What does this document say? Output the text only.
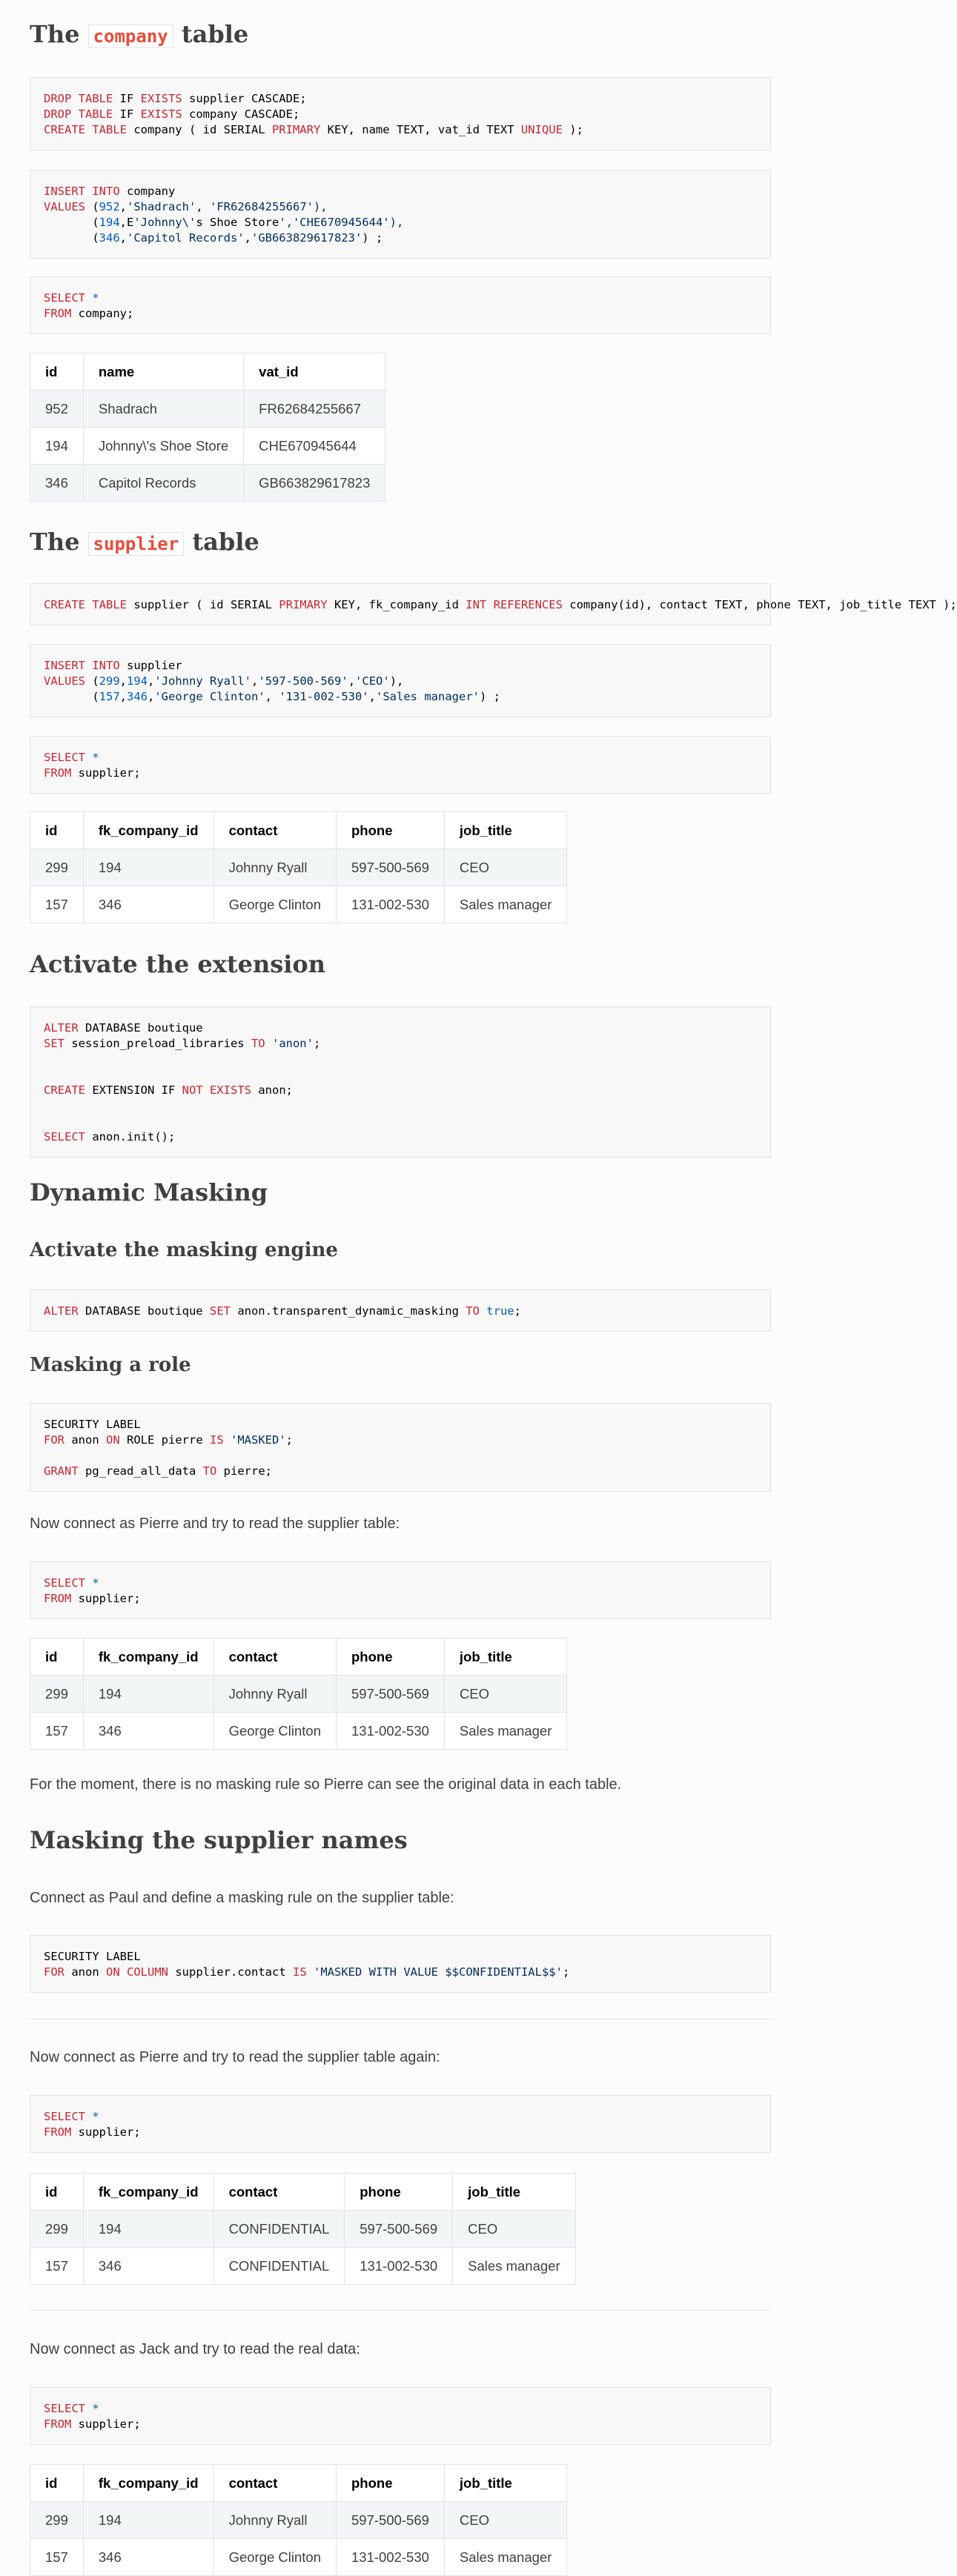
The company table
DROP TABLE IF EXISTS supplier CASCADE;
DROP TABLE IF EXISTS company CASCADE;
CREATE TABLE company ( id SERIAL PRIMARY KEY, name TEXT, vat_id TEXT UNIQUE );
INSERT INTO company
VALUES (952,'Shadrach', 'FR62684255667'),
(194,E'Johnny\'s Shoe Store','CHE670945644'),
(346,'Capitol Records','GB663829617823') ;
SELECT *
FROM company;
id	name	vat_id
952	Shadrach	FR62684255667
194	Johnny\'s Shoe Store	CHE670945644
346	Capitol Records	GB663829617823
The supplier table
CREATE TABLE supplier ( id SERIAL PRIMARY KEY, fk_company_id INT REFERENCES company(id), contact TEXT, phone TEXT, job_title TEXT );
INSERT INTO supplier
VALUES (299,194,'Johnny Ryall','597-500-569','CEO'),
(157,346,'George Clinton', '131-002-530','Sales manager') ;
SELECT *
FROM supplier;
id	fk_company_id	contact	phone	job_title
299	194	Johnny Ryall	597-500-569	CEO
157	346	George Clinton	131-002-530	Sales manager
Activate the extension
ALTER DATABASE boutique
SET session_preload_libraries TO 'anon';

CREATE EXTENSION IF NOT EXISTS anon;

SELECT anon.init();
Dynamic Masking
Activate the masking engine
ALTER DATABASE boutique SET anon.transparent_dynamic_masking TO true;
Masking a role
SECURITY LABEL
FOR anon ON ROLE pierre IS 'MASKED';

GRANT pg_read_all_data TO pierre;

Now connect as Pierre and try to read the supplier table:

SELECT *
FROM supplier;
id	fk_company_id	contact	phone	job_title
299	194	Johnny Ryall	597-500-569	CEO
157	346	George Clinton	131-002-530	Sales manager

For the moment, there is no masking rule so Pierre can see the original data in each table.

Masking the supplier names

Connect as Paul and define a masking rule on the supplier table:

SECURITY LABEL
FOR anon ON COLUMN supplier.contact IS 'MASKED WITH VALUE $$CONFIDENTIAL$$';

Now connect as Pierre and try to read the supplier table again:

SELECT *
FROM supplier;
id	fk_company_id	contact	phone	job_title
299	194	CONFIDENTIAL	597-500-569	CEO
157	346	CONFIDENTIAL	131-002-530	Sales manager

Now connect as Jack and try to read the real data:

SELECT *
FROM supplier;
id	fk_company_id	contact	phone	job_title
299	194	Johnny Ryall	597-500-569	CEO
157	346	George Clinton	131-002-530	Sales manager
